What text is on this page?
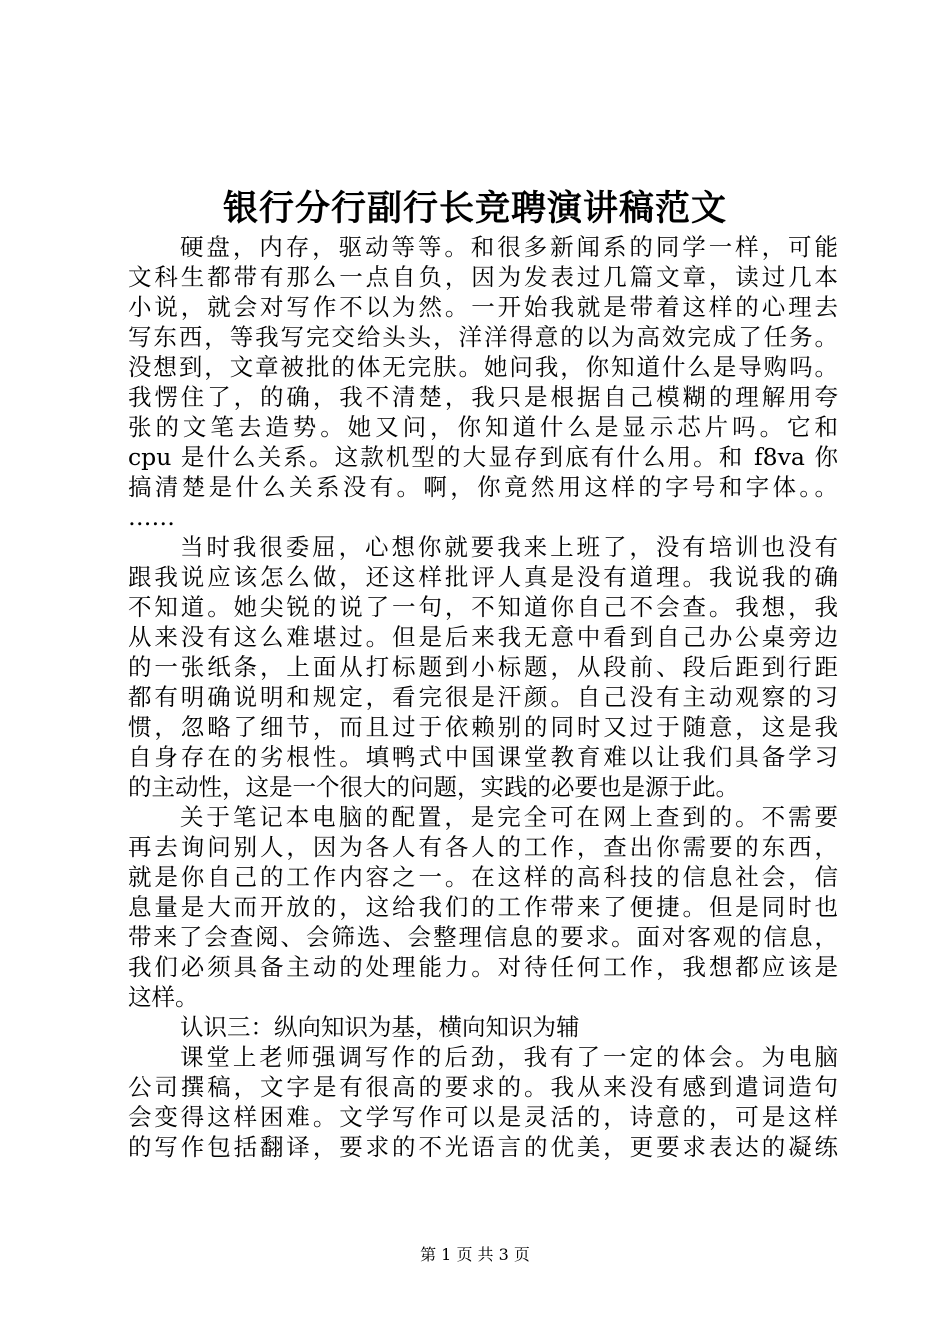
银行分行副行长竞聘演讲稿范文
硬盘，内存，驱动等等。和很多新闻系的同学一样，可能
文科生都带有那么一点自负，因为发表过几篇文章，读过几本
小说，就会对写作不以为然。一开始我就是带着这样的心理去
写东西，等我写完交给头头，洋洋得意的以为高效完成了任务。
没想到，文章被批的体无完肤。她问我，你知道什么是导购吗。
我愣住了，的确，我不清楚，我只是根据自己模糊的理解用夸
张的文笔去造势。她又问，你知道什么是显示芯片吗。它和
cpu 是什么关系。这款机型的大显存到底有什么用。和 f8va 你
搞清楚是什么关系没有。啊，你竟然用这样的字号和字体。。
……
当时我很委屈，心想你就要我来上班了，没有培训也没有
跟我说应该怎么做，还这样批评人真是没有道理。我说我的确
不知道。她尖锐的说了一句，不知道你自己不会查。我想，我
从来没有这么难堪过。但是后来我无意中看到自己办公桌旁边
的一张纸条，上面从打标题到小标题，从段前、段后距到行距
都有明确说明和规定，看完很是汗颜。自己没有主动观察的习
惯，忽略了细节，而且过于依赖别的同时又过于随意，这是我
自身存在的劣根性。填鸭式中国课堂教育难以让我们具备学习
的主动性，这是一个很大的问题，实践的必要也是源于此。
关于笔记本电脑的配置，是完全可在网上查到的。不需要
再去询问别人，因为各人有各人的工作，查出你需要的东西，
就是你自己的工作内容之一。在这样的高科技的信息社会，信
息量是大而开放的，这给我们的工作带来了便捷。但是同时也
带来了会查阅、会筛选、会整理信息的要求。面对客观的信息，
我们必须具备主动的处理能力。对待任何工作，我想都应该是
这样。
认识三：纵向知识为基，横向知识为辅
课堂上老师强调写作的后劲，我有了一定的体会。为电脑
公司撰稿，文字是有很高的要求的。我从来没有感到遣词造句
会变得这样困难。文学写作可以是灵活的，诗意的，可是这样
的写作包括翻译，要求的不光语言的优美，更要求表达的凝练
第 1 页 共 3 页
